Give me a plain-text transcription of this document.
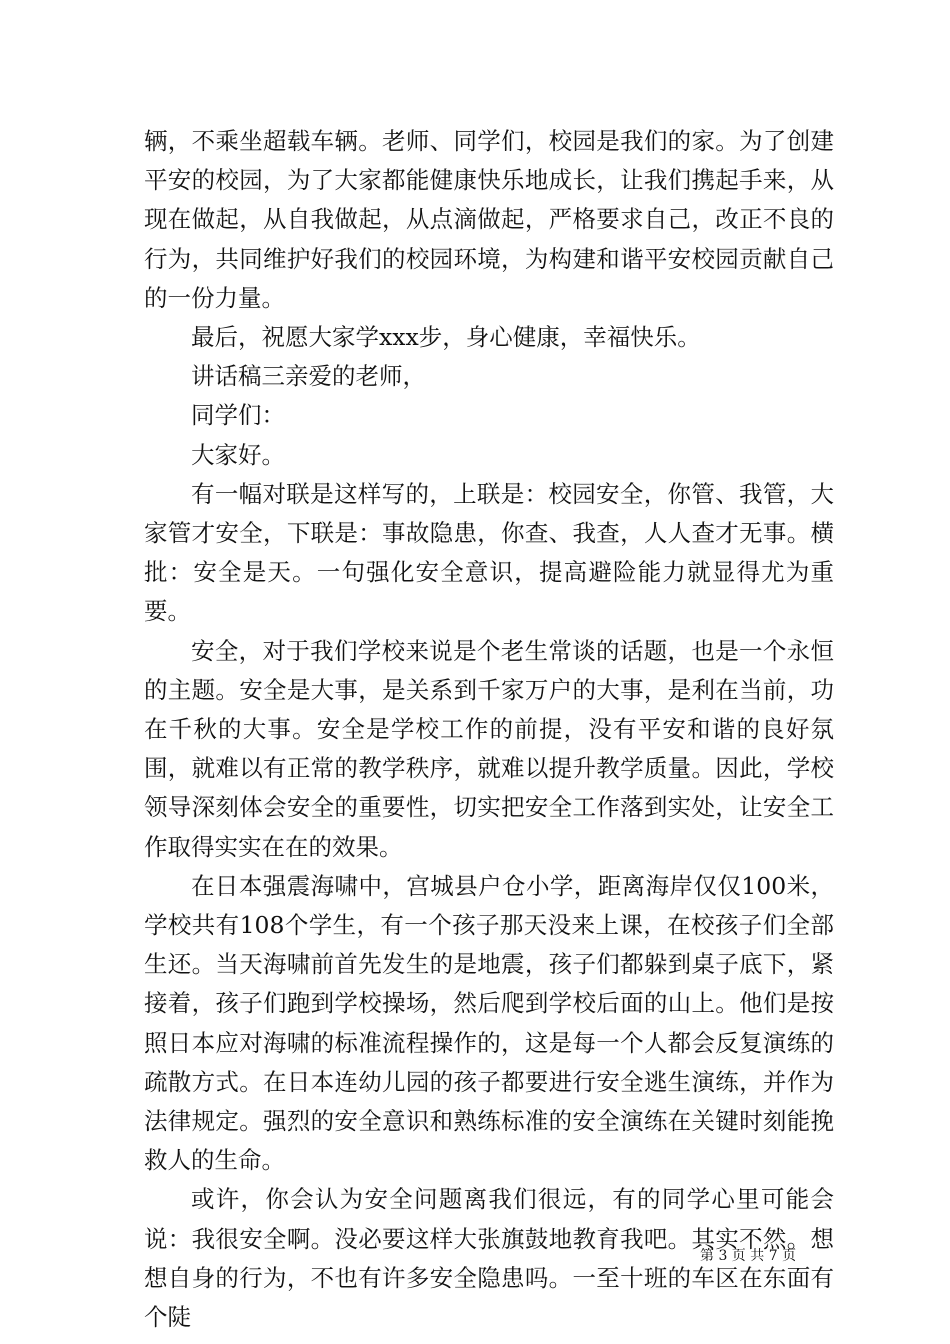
辆，不乘坐超载车辆。老师、同学们，校园是我们的家。为了创建平安的校园，为了大家都能健康快乐地成长，让我们携起手来，从现在做起，从自我做起，从点滴做起，严格要求自己，改正不良的行为，共同维护好我们的校园环境，为构建和谐平安校园贡献自己的一份力量。

最后，祝愿大家学xxx步，身心健康，幸福快乐。

讲话稿三亲爱的老师，

同学们：

大家好。

有一幅对联是这样写的，上联是：校园安全，你管、我管，大家管才安全，下联是：事故隐患，你查、我查，人人查才无事。横批：安全是天。一句强化安全意识，提高避险能力就显得尤为重要。

安全，对于我们学校来说是个老生常谈的话题，也是一个永恒的主题。安全是大事，是关系到千家万户的大事，是利在当前，功在千秋的大事。安全是学校工作的前提，没有平安和谐的良好氛围，就难以有正常的教学秩序，就难以提升教学质量。因此，学校领导深刻体会安全的重要性，切实把安全工作落到实处，让安全工作取得实实在在的效果。

在日本强震海啸中，宫城县户仓小学，距离海岸仅仅100米，学校共有108个学生，有一个孩子那天没来上课，在校孩子们全部生还。当天海啸前首先发生的是地震，孩子们都躲到桌子底下，紧接着，孩子们跑到学校操场，然后爬到学校后面的山上。他们是按照日本应对海啸的标准流程操作的，这是每一个人都会反复演练的疏散方式。在日本连幼儿园的孩子都要进行安全逃生演练，并作为法律规定。强烈的安全意识和熟练标准的安全演练在关键时刻能挽救人的生命。

或许，你会认为安全问题离我们很远，有的同学心里可能会说：我很安全啊。没必要这样大张旗鼓地教育我吧。其实不然。想想自身的行为，不也有许多安全隐患吗。一至十班的车区在东面有个陡

第 3 页 共 7 页
